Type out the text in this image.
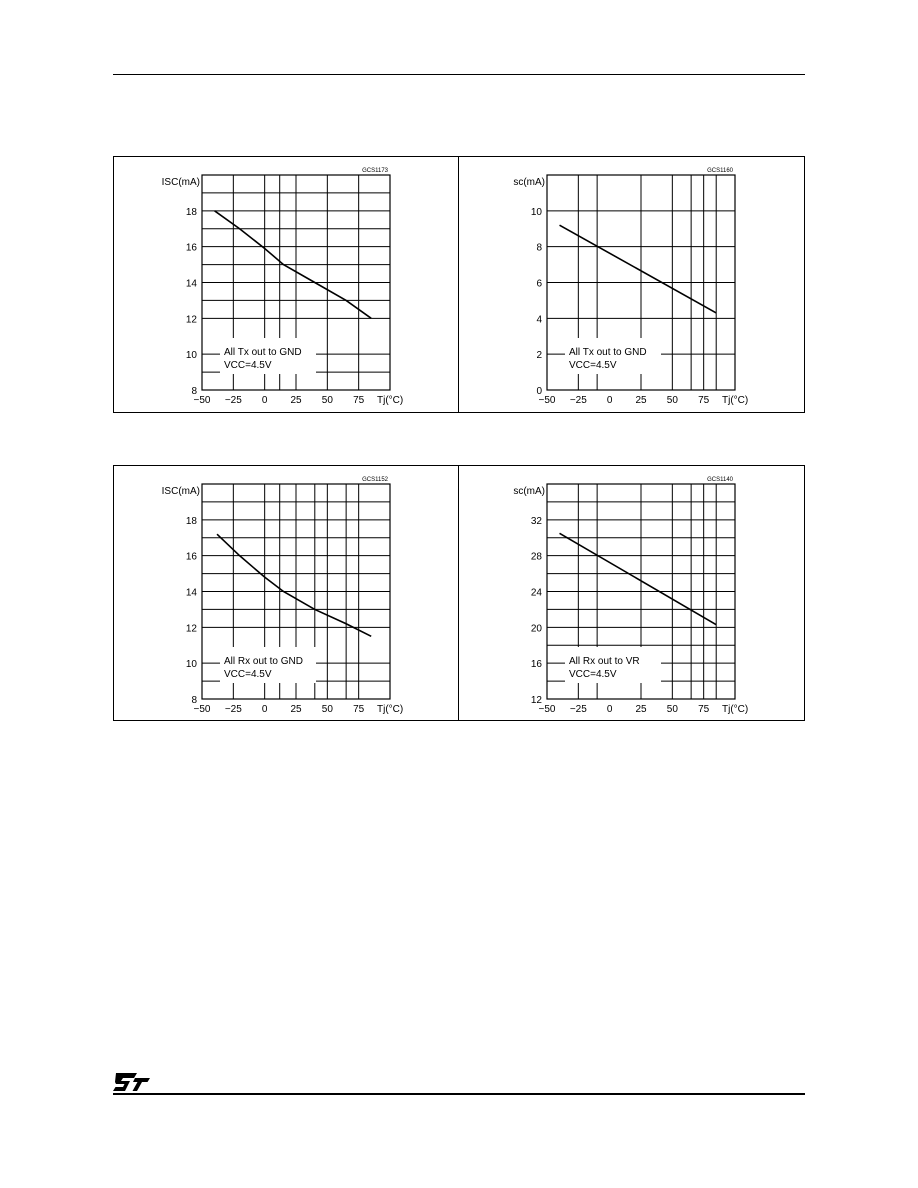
All Tx out to GND
VCC=4.5V
GCS1173
8
10
12
14
16
18
−50 −25 0 25 50 75
ISC(mA)
Tj(°C)
All Tx out to GND
VCC=4.5V
GCS1160
0
2
4
6
8
10
−50 −25 0 25 50 75
sc(mA)
Tj(°C)
All Rx out to GND
VCC=4.5V
GCS1152
8
10
12
14
16
18
−50 −25 0 25 50 75
ISC(mA)
Tj(°C)
All Rx out to VR
VCC=4.5V
GCS1140
12
16
20
24
28
32
−50 −25 0 25 50 75
sc(mA)
Tj(°C)
